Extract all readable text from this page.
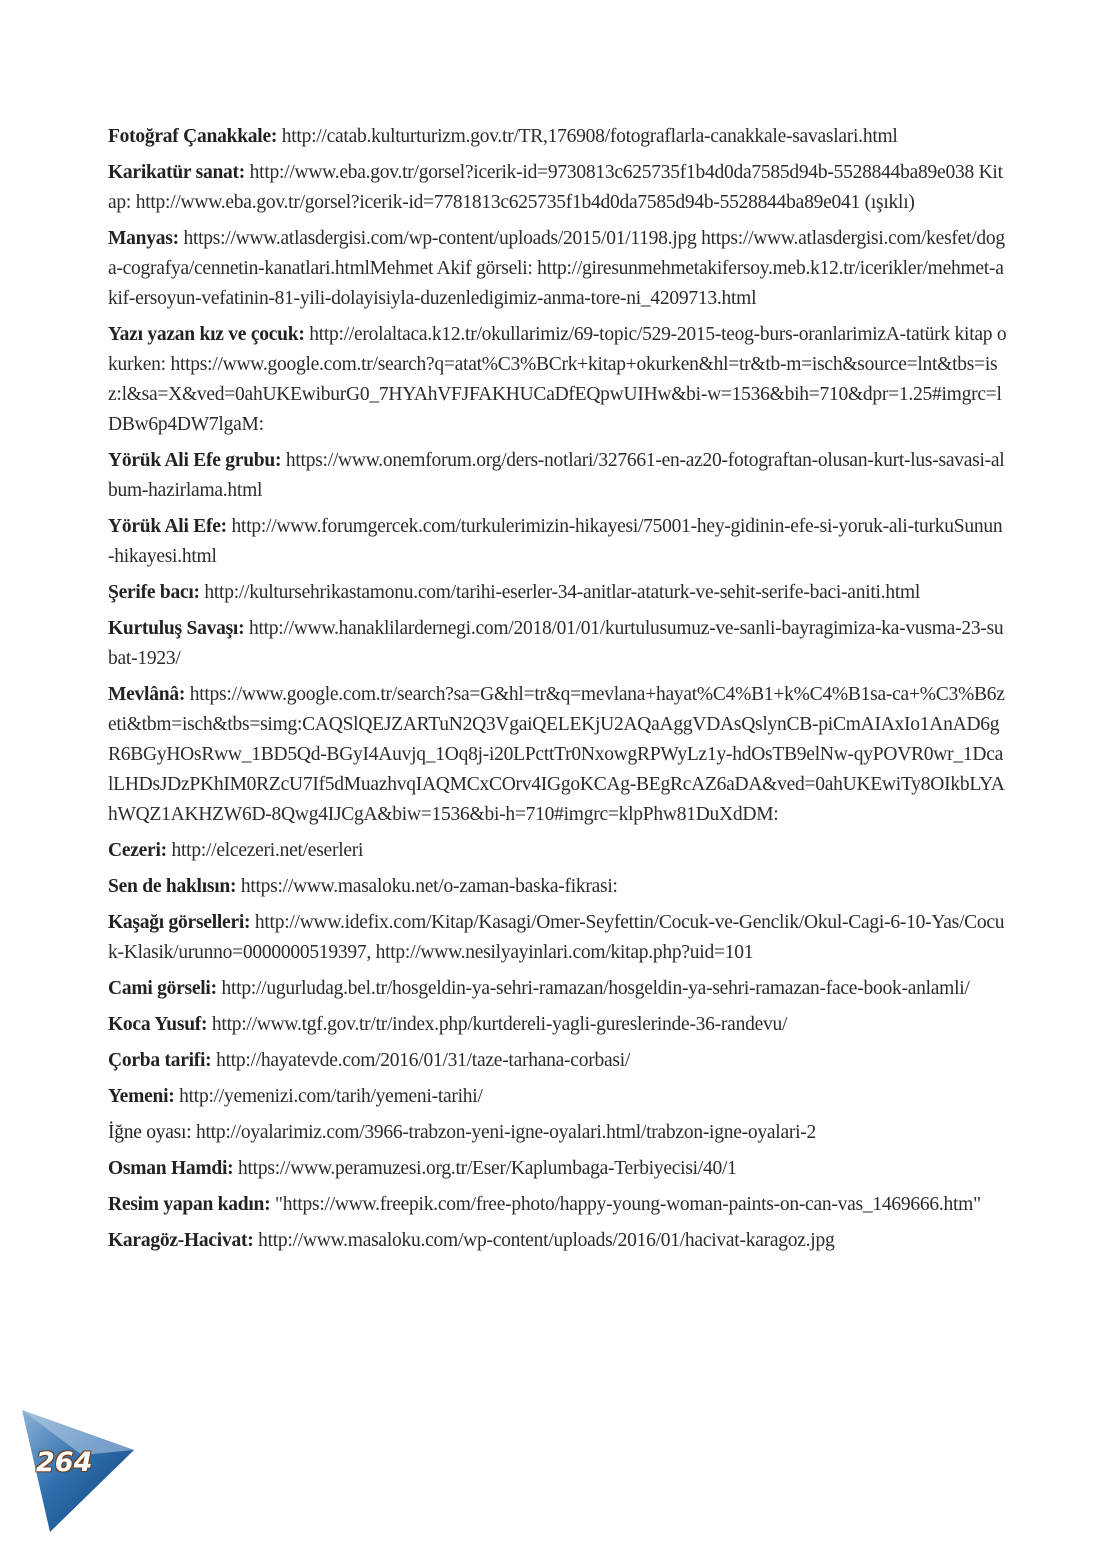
Fotoğraf Çanakkale: http://catab.kulturturizm.gov.tr/TR,176908/fotograflarla-canakkale-savaslari.html

Karikatür sanat: http://www.eba.gov.tr/gorsel?icerik-id=9730813c625735f1b4d0da7585d94b-5528844ba89e038 Kitap: http://www.eba.gov.tr/gorsel?icerik-id=7781813c625735f1b4d0da7585d94b-5528844ba89e041 (ışıklı)

Manyas: https://www.atlasdergisi.com/wp-content/uploads/2015/01/1198.jpg https://www.atlasdergisi.com/kesfet/doga-cografya/cennetin-kanatlari.htmlMehmet Akif görseli: http://giresunmehmetakifersoy.meb.k12.tr/icerikler/mehmet-akif-ersoyun-vefatinin-81-yili-dolayisiyla-duzenledigimiz-anma-tore-ni_4209713.html

Yazı yazan kız ve çocuk: http://erolaltaca.k12.tr/okullarimiz/69-topic/529-2015-teog-burs-oranlarimizA-tatürk kitap okurken: https://www.google.com.tr/search?q=atat%C3%BCrk+kitap+okurken&hl=tr&tb-m=isch&source=lnt&tbs=isz:l&sa=X&ved=0ahUKEwiburG0_7HYAhVFJFAKHUCaDfEQpwUIHw&bi-w=1536&bih=710&dpr=1.25#imgrc=lDBw6p4DW7lgaM:

Yörük Ali Efe grubu: https://www.onemforum.org/ders-notlari/327661-en-az20-fotograftan-olusan-kurt-lus-savasi-album-hazirlama.html

Yörük Ali Efe: http://www.forumgercek.com/turkulerimizin-hikayesi/75001-hey-gidinin-efe-si-yoruk-ali-turkuSunun-hikayesi.html

Şerife bacı: http://kultursehrikastamonu.com/tarihi-eserler-34-anitlar-ataturk-ve-sehit-serife-baci-aniti.html

Kurtuluş Savaşı: http://www.hanaklilardernegi.com/2018/01/01/kurtulusumuz-ve-sanli-bayragimiza-ka-vusma-23-subat-1923/

Mevlânâ: https://www.google.com.tr/search?sa=G&hl=tr&q=mevlana+hayat%C4%B1+k%C4%B1sa-ca+%C3%B6zeti&tbm=isch&tbs=simg:CAQSlQEJZARTuN2Q3VgaiQELEKjU2AQaAggVDAsQslynCB-piCmAIAxIo1AnAD6gR6BGyHOsRww_1BD5Qd-BGyI4Auvjq_1Oq8j-i20LPcttTr0NxowgRPWyLz1y-hdOsTB9elNw-qyPOVR0wr_1DcalLHDsJDzPKhIM0RZcU7If5dMuazhvqIAQMCxCOrv4IGgoKCAg-BEgRcAZ6aDA&ved=0ahUKEwiTy8OIkbLYAhWQZ1AKHZW6D-8Qwg4IJCgA&biw=1536&bi-h=710#imgrc=klpPhw81DuXdDM:

Cezeri: http://elcezeri.net/eserleri

Sen de haklısın: https://www.masaloku.net/o-zaman-baska-fikrasi:

Kaşağı görselleri: http://www.idefix.com/Kitap/Kasagi/Omer-Seyfettin/Cocuk-ve-Genclik/Okul-Cagi-6-10-Yas/Cocuk-Klasik/urunno=0000000519397, http://www.nesilyayinlari.com/kitap.php?uid=101

Cami görseli: http://ugurludag.bel.tr/hosgeldin-ya-sehri-ramazan/hosgeldin-ya-sehri-ramazan-face-book-anlamli/

Koca Yusuf: http://www.tgf.gov.tr/tr/index.php/kurtdereli-yagli-gureslerinde-36-randevu/

Çorba tarifi: http://hayatevde.com/2016/01/31/taze-tarhana-corbasi/

Yemeni: http://yemenizi.com/tarih/yemeni-tarihi/

İğne oyası: http://oyalarimiz.com/3966-trabzon-yeni-igne-oyalari.html/trabzon-igne-oyalari-2

Osman Hamdi: https://www.peramuzesi.org.tr/Eser/Kaplumbaga-Terbiyecisi/40/1

Resim yapan kadın: "https://www.freepik.com/free-photo/happy-young-woman-paints-on-can-vas_1469666.htm"

Karagöz-Hacivat: http://www.masaloku.com/wp-content/uploads/2016/01/hacivat-karagoz.jpg

264
